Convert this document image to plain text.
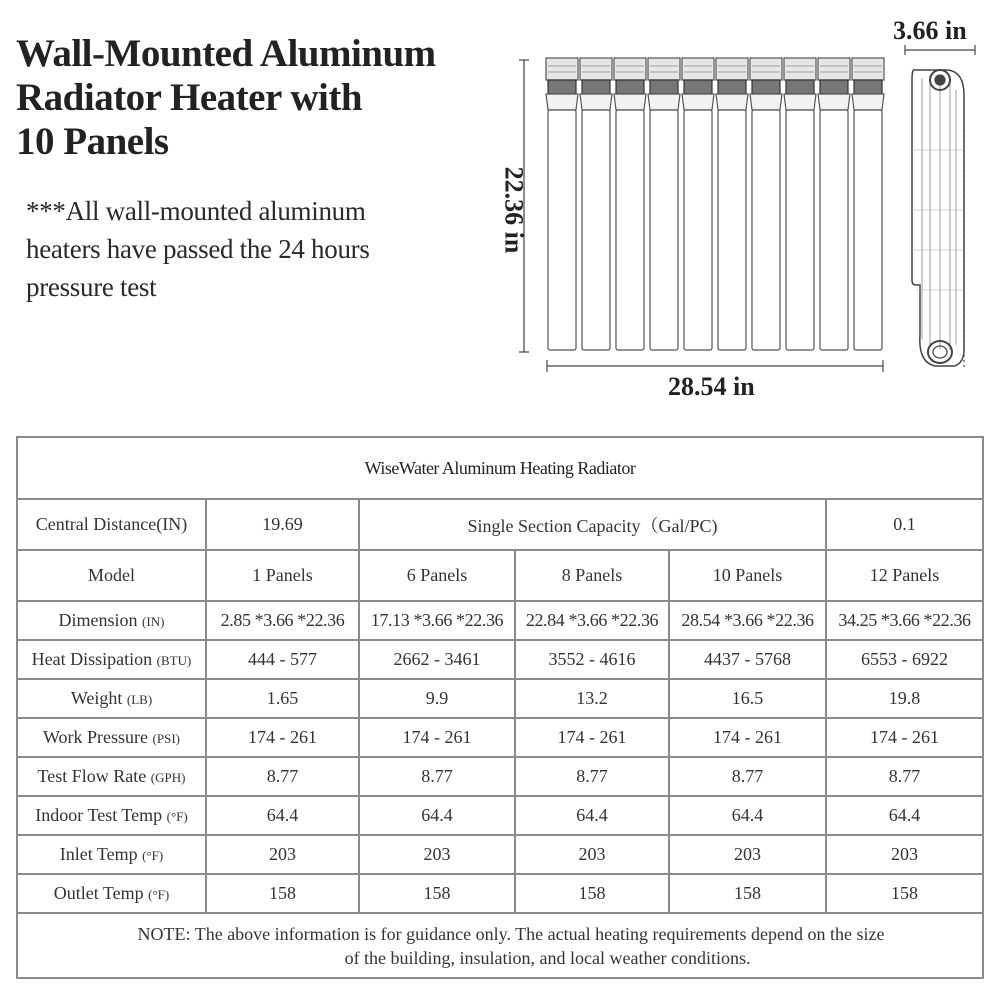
Wall-Mounted Aluminum
Radiator Heater with
10 Panels

***All wall-mounted aluminum
heaters have passed the 24 hours
pressure test

22.36 in
28.54 in
3.66 in
WiseWater Aluminum Heating Radiator					
Central Distance(IN)	19.69	Single Section Capacity（Gal/PC)			0.1
Model	1 Panels	6 Panels	8 Panels	10 Panels	12 Panels
Dimension (IN)	2.85 *3.66 *22.36	17.13 *3.66 *22.36	22.84 *3.66 *22.36	28.54 *3.66 *22.36	34.25 *3.66 *22.36
Heat Dissipation (BTU)	444 - 577	2662 - 3461	3552 - 4616	4437 - 5768	6553 - 6922
Weight (LB)	1.65	9.9	13.2	16.5	19.8
Work Pressure (PSI)	174 - 261	174 - 261	174 - 261	174 - 261	174 - 261
Test Flow Rate (GPH)	8.77	8.77	8.77	8.77	8.77
Indoor Test Temp (°F)	64.4	64.4	64.4	64.4	64.4
Inlet Temp (°F)	203	203	203	203	203
Outlet Temp (°F)	158	158	158	158	158

NOTE: The above information is for guidance only. The actual heating requirements depend on the size
of the building, insulation, and local weather conditions.					
